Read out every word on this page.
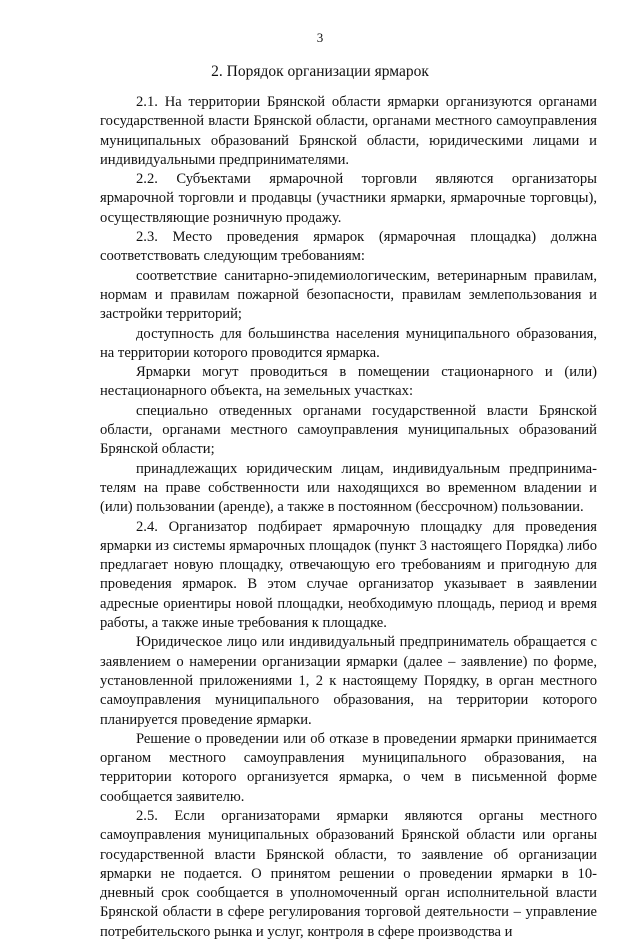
3
2. Порядок организации ярмарок

2.1. На территории Брянской области ярмарки организуются органами государственной власти Брянской области, органами местного самоуправления муниципальных образований Брянской области, юридическими лицами и индивидуальными предпринимателями.

2.2. Субъектами ярмарочной торговли являются организаторы ярмарочной торговли и продавцы (участники ярмарки, ярмарочные торговцы), осуществляющие розничную продажу.

2.3. Место проведения ярмарок (ярмарочная площадка) должна соответствовать следующим требованиям:

соответствие санитарно-эпидемиологическим, ветеринарным правилам, нормам и правилам пожарной безопасности, правилам землепользования и застройки территорий;

доступность для большинства населения муниципального образования, на территории которого проводится ярмарка.

Ярмарки могут проводиться в помещении стационарного и (или) нестационарного объекта, на земельных участках:

специально отведенных органами государственной власти Брянской области, органами местного самоуправления муниципальных образований Брянской области;

принадлежащих юридическим лицам, индивидуальным предпринимателям на праве собственности или находящихся во временном владении и (или) пользовании (аренде), а также в постоянном (бессрочном) пользовании.

2.4. Организатор подбирает ярмарочную площадку для проведения ярмарки из системы ярмарочных площадок (пункт 3 настоящего Порядка) либо предлагает новую площадку, отвечающую его требованиям и пригодную для проведения ярмарок. В этом случае организатор указывает в заявлении адресные ориентиры новой площадки, необходимую площадь, период и время работы, а также иные требования к площадке.

Юридическое лицо или индивидуальный предприниматель обращается с заявлением о намерении организации ярмарки (далее – заявление) по форме, установленной приложениями 1, 2 к настоящему Порядку, в орган местного самоуправления муниципального образования, на территории которого планируется проведение ярмарки.

Решение о проведении или об отказе в проведении ярмарки принимается органом местного самоуправления муниципального образования, на территории которого организуется ярмарка, о чем в письменной форме сообщается заявителю.

2.5. Если организаторами ярмарки являются органы местного самоуправления муниципальных образований Брянской области или органы государственной власти Брянской области, то заявление об организации ярмарки не подается. О принятом решении о проведении ярмарки в 10-дневный срок сообщается в уполномоченный орган исполнительной власти Брянской области в сфере регулирования торговой деятельности – управление потребительского рынка и услуг, контроля в сфере производства и
